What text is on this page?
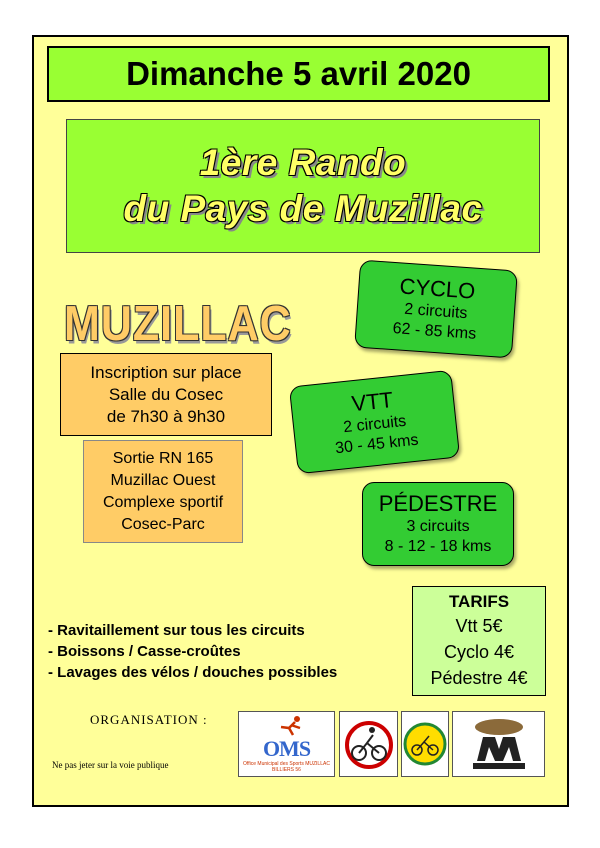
Dimanche 5 avril 2020
1ère Rando
du Pays de Muzillac
MUZILLAC
Inscription sur place
Salle du Cosec
de 7h30 à 9h30
Sortie RN 165
Muzillac Ouest
Complexe sportif
Cosec-Parc
CYCLO
2 circuits
62 - 85 kms
VTT
2 circuits
30 - 45 kms
PÉDESTRE
3 circuits
8 - 12 - 18 kms
TARIFS
Vtt 5€
Cyclo 4€
Pédestre 4€
- Ravitaillement sur tous les circuits
- Boissons / Casse-croûtes
- Lavages des vélos / douches possibles
ORGANISATION :
Ne pas jeter sur la voie publique
OMS
Office Municipal des Sports MUZILLAC BILLIERS 56
